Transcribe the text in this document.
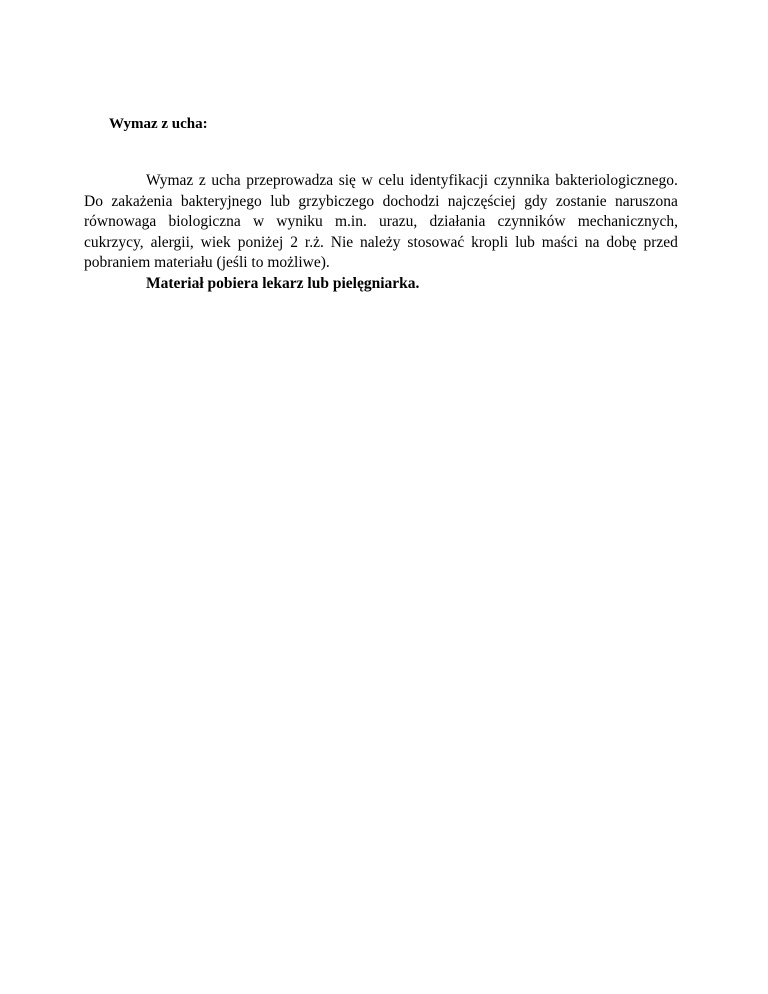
Wymaz z ucha:

Wymaz z ucha przeprowadza się w celu identyfikacji czynnika bakteriologicznego.
Do zakażenia bakteryjnego lub grzybiczego dochodzi najczęściej gdy zostanie naruszona
równowaga biologiczna w wyniku m.in. urazu, działania czynników mechanicznych,
cukrzycy, alergii, wiek poniżej 2 r.ż. Nie należy stosować kropli lub maści na dobę przed
pobraniem materiału (jeśli to możliwe).
Materiał pobiera lekarz lub pielęgniarka.
